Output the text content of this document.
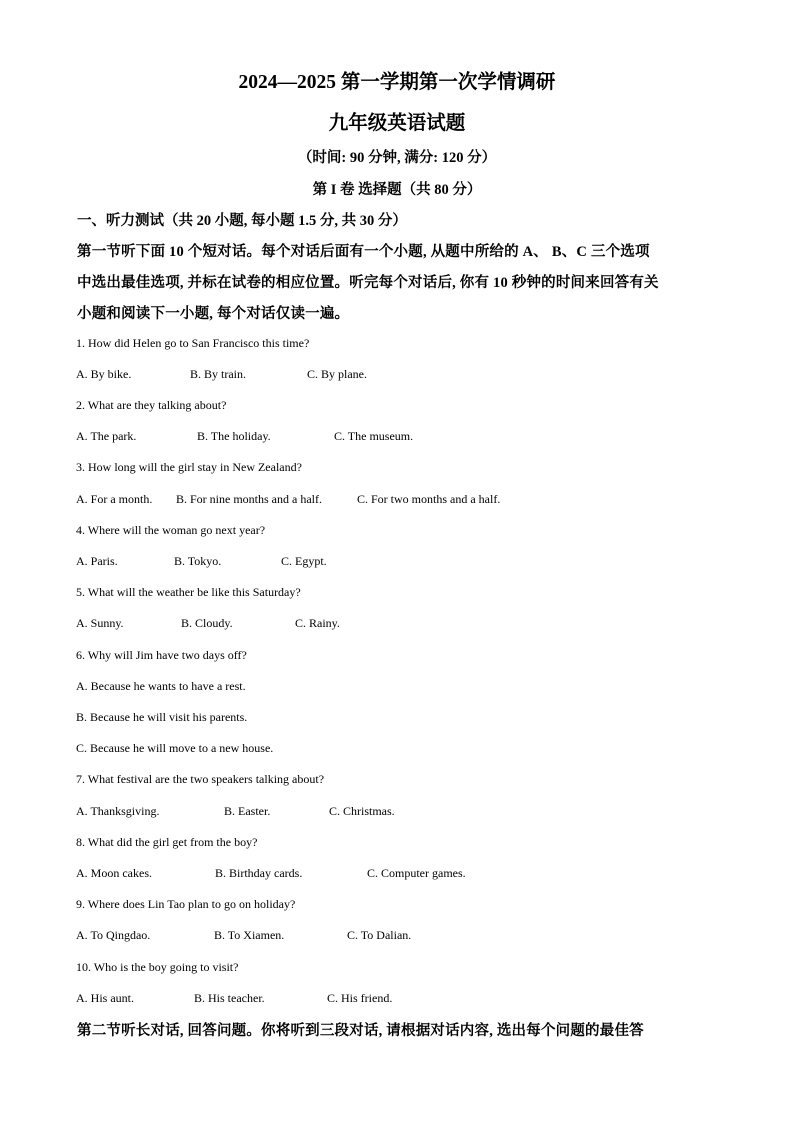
2024—2025 第一学期第一次学情调研
九年级英语试题
（时间: 90 分钟, 满分: 120 分）
第 I 卷 选择题（共 80 分）
一、听力测试（共 20 小题, 每小题 1.5 分, 共 30 分）
第一节听下面 10 个短对话。每个对话后面有一个小题, 从题中所给的 A、 B、C 三个选项
中选出最佳选项, 并标在试卷的相应位置。听完每个对话后, 你有 10 秒钟的时间来回答有关
小题和阅读下一小题, 每个对话仅读一遍。
1. How did Helen go to San Francisco this time?
A. By bike.	B. By train.	C. By plane.
2. What are they talking about?
A. The park.	B. The holiday.	C. The museum.
3. How long will the girl stay in New Zealand?
A. For a month. B. For nine months and a half.	C. For two months and a half.
4. Where will the woman go next year?
A. Paris.	B. Tokyo.	C. Egypt.
5. What will the weather be like this Saturday?
A. Sunny.	B. Cloudy.	C. Rainy.
6. Why will Jim have two days off?
A. Because he wants to have a rest.
B. Because he will visit his parents.
C. Because he will move to a new house.
7. What festival are the two speakers talking about?
A. Thanksgiving.	B. Easter.	C. Christmas.
8. What did the girl get from the boy?
A. Moon cakes.	B. Birthday cards.	C. Computer games.
9. Where does Lin Tao plan to go on holiday?
A. To Qingdao.	B. To Xiamen.	C. To Dalian.
10. Who is the boy going to visit?
A. His aunt.	B. His teacher.	C. His friend.
第二节听长对话, 回答问题。你将听到三段对话, 请根据对话内容, 选出每个问题的最佳答
